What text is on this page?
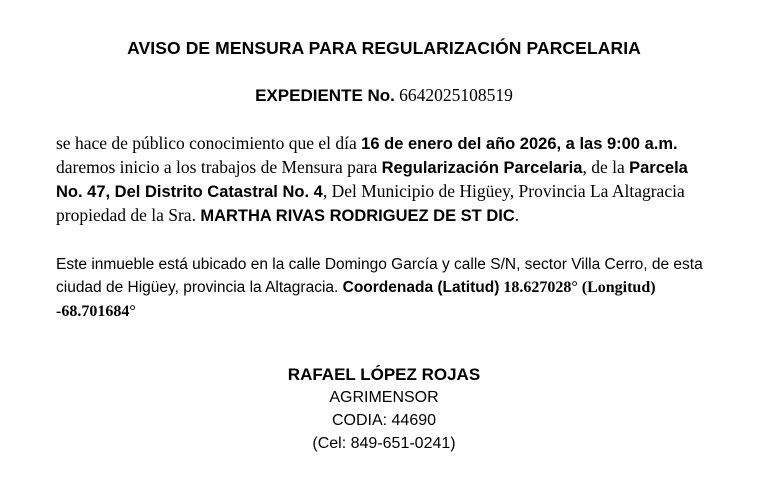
AVISO DE MENSURA PARA REGULARIZACIÓN PARCELARIA
EXPEDIENTE No. 6642025108519
se hace de público conocimiento que el día 16 de enero del año 2026, a las 9:00 a.m. daremos inicio a los trabajos de Mensura para Regularización Parcelaria, de la Parcela No. 47, Del Distrito Catastral No. 4, Del Municipio de Higüey, Provincia La Altagracia propiedad de la Sra. MARTHA RIVAS RODRIGUEZ DE ST DIC.
Este inmueble está ubicado en la calle Domingo García y calle S/N, sector Villa Cerro, de esta ciudad de Higüey, provincia la Altagracia. Coordenada (Latitud) 18.627028° (Longitud) -68.701684°
RAFAEL LÓPEZ ROJAS
AGRIMENSOR
CODIA: 44690
(Cel: 849-651-0241)
